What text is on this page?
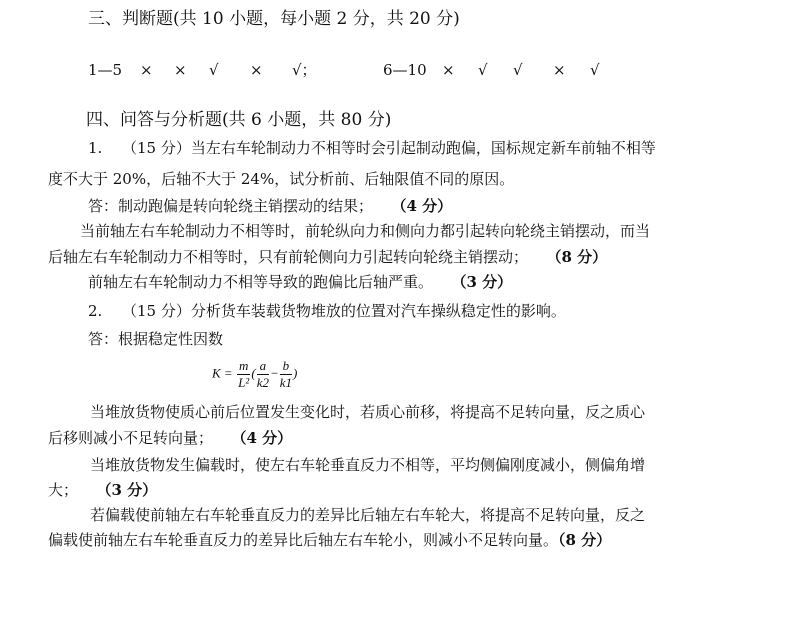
三、判断题(共 10 小题，每小题 2 分，共 20 分)
1—5 × × √ × √；	6—10 × √ √ × √
四、问答与分析题(共 6 小题，共 80 分)
1. （15 分）当左右车轮制动力不相等时会引起制动跑偏，国标规定新车前轴不相等
度不大于 20%，后轴不大于 24%，试分析前、后轴限值不同的原因。
答：制动跑偏是转向轮绕主销摆动的结果； （4 分）
当前轴左右车轮制动力不相等时，前轮纵向力和侧向力都引起转向轮绕主销摆动，而当
后轴左右车轮制动力不相等时，只有前轮侧向力引起转向轮绕主销摆动； （8 分）
前轴左右车轮制动力不相等导致的跑偏比后轴严重。 （3 分）
2. （15 分）分析货车装载货物堆放的位置对汽车操纵稳定性的影响。
答：根据稳定性因数
$K = \frac{m}{\text{L²}}$ ( $\frac{a}{k2} - \frac{b}{k1}$ )
当堆放货物使质心前后位置发生变化时，若质心前移，将提高不足转向量，反之质心
后移则减小不足转向量； （4 分）
当堆放货物发生偏载时，使左右车轮垂直反力不相等，平均侧偏刚度减小，侧偏角增
大； （3 分）
若偏载使前轴左右车轮垂直反力的差异比后轴左右车轮大，将提高不足转向量，反之
偏载使前轴左右车轮垂直反力的差异比后轴左右车轮小，则减小不足转向量。（8 分）
